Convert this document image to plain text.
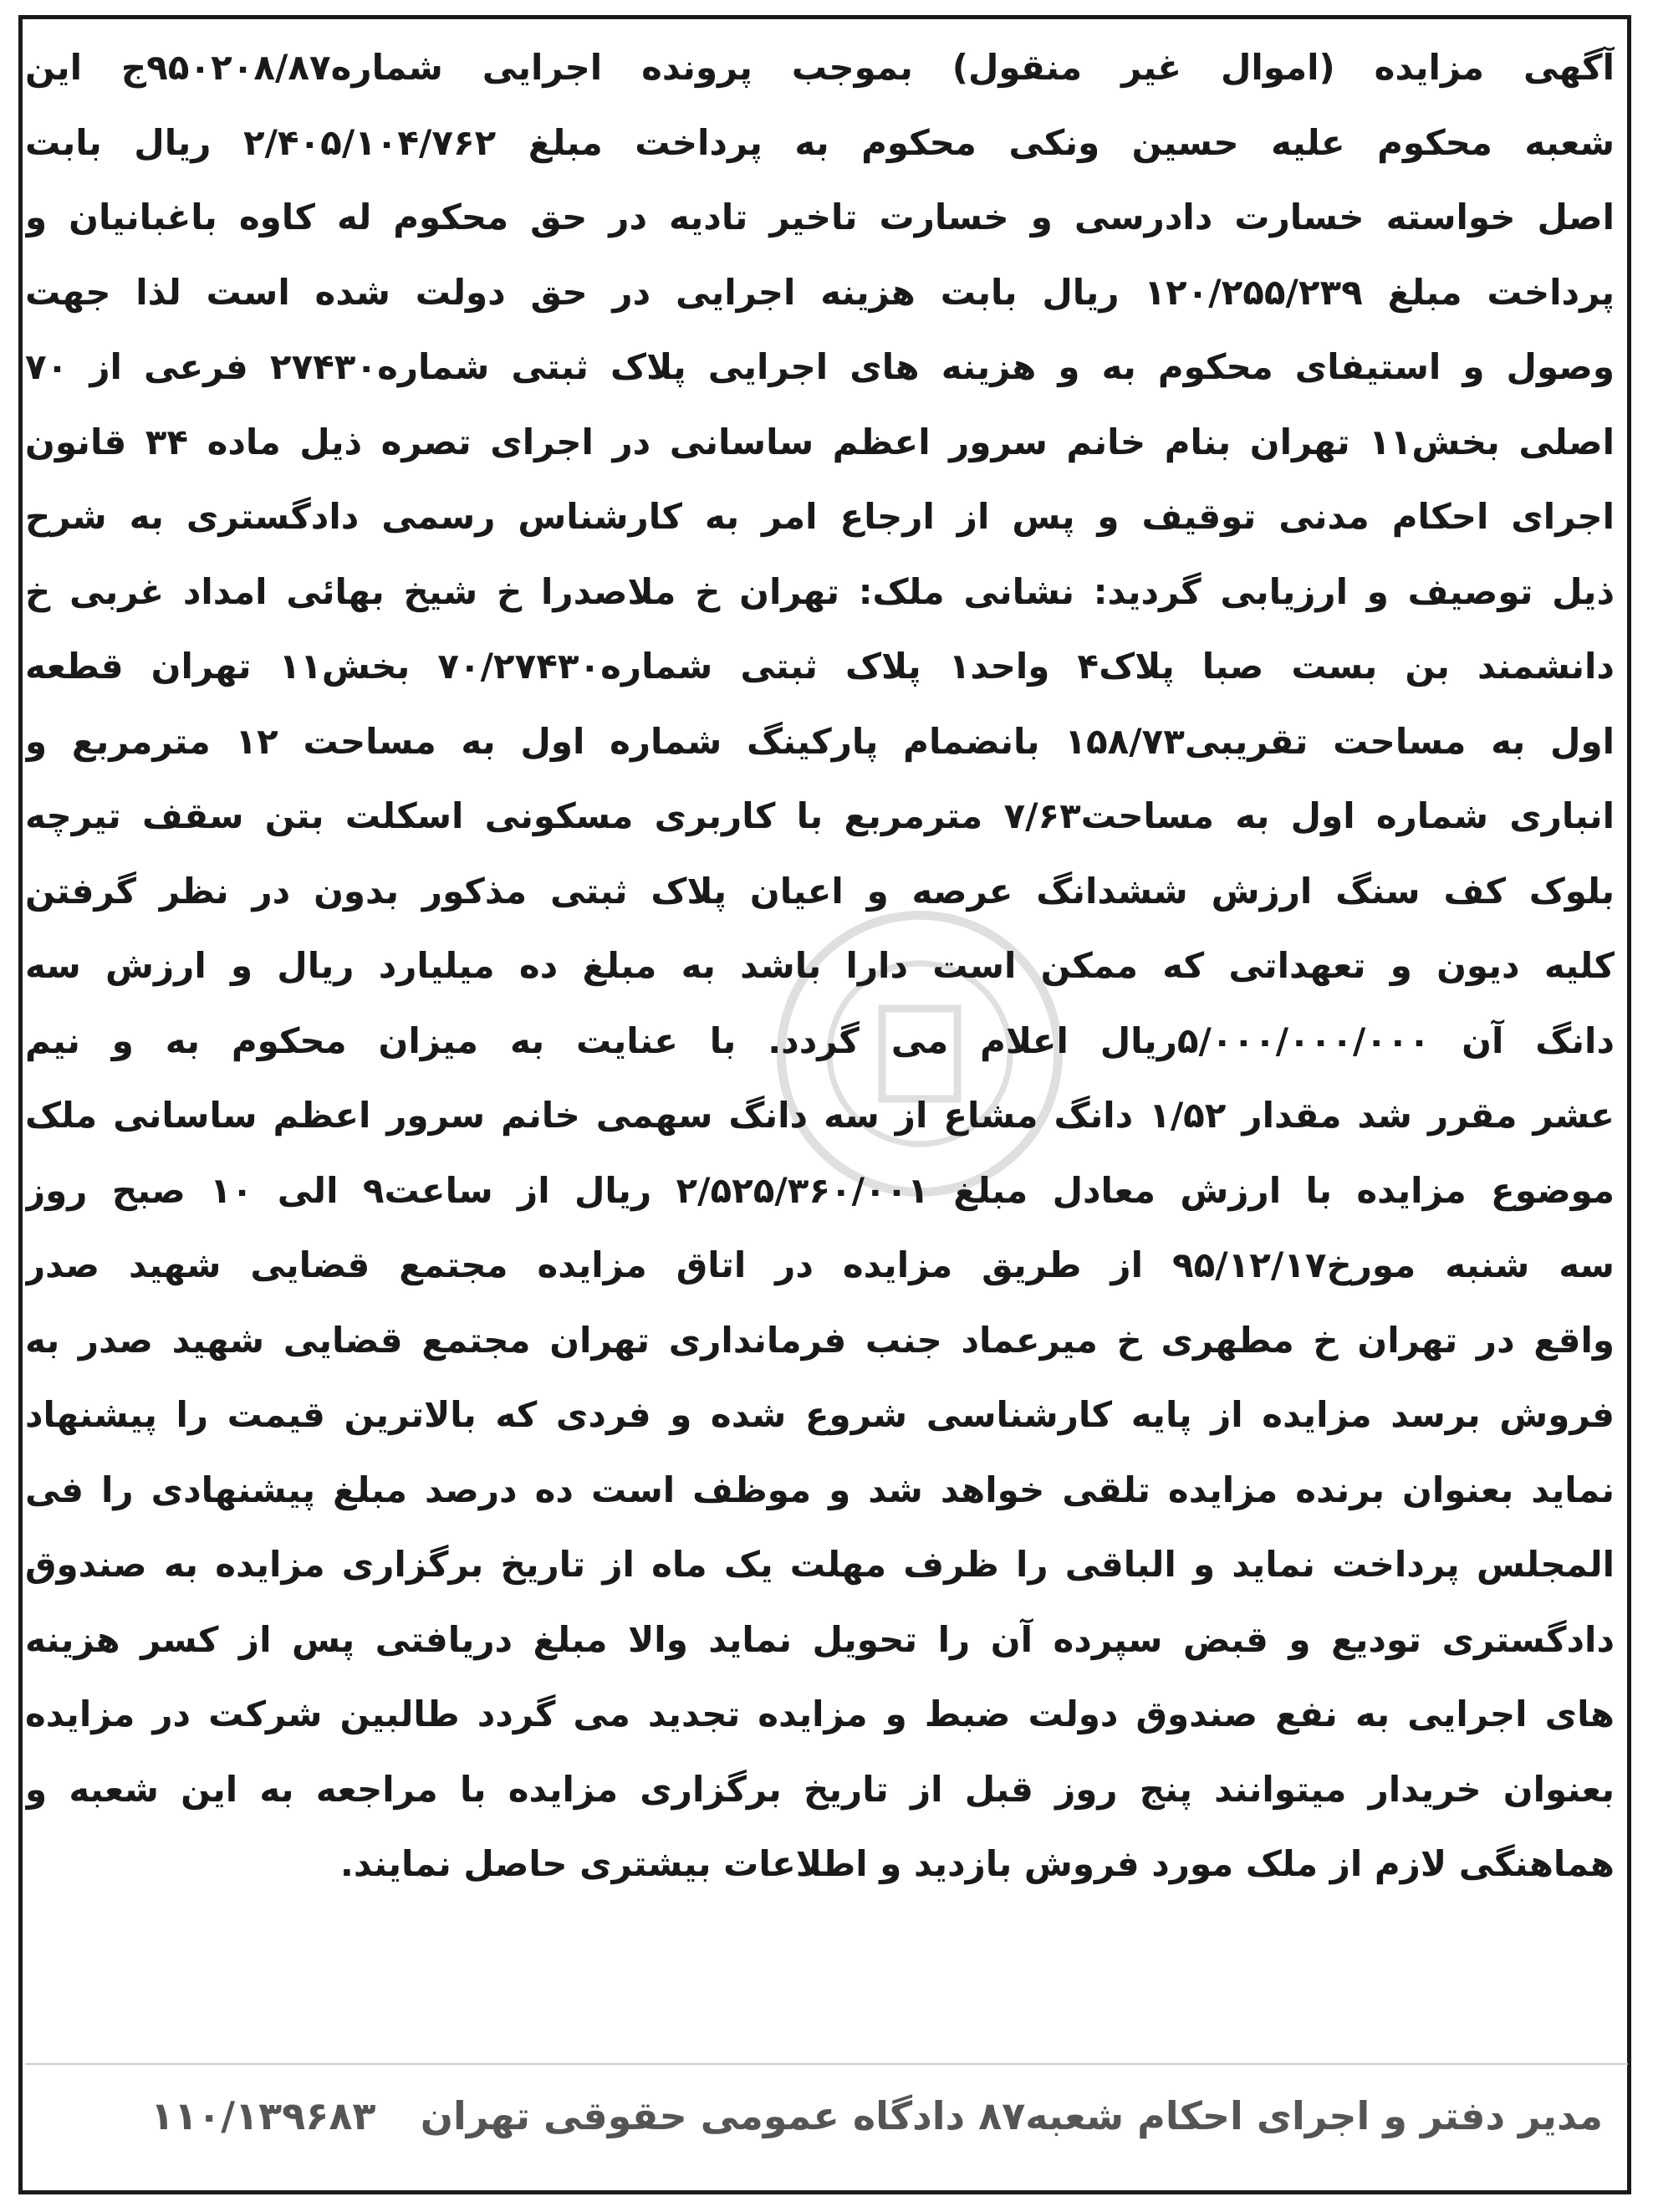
آگهی مزایده (اموال غیر منقول) بموجب پرونده اجرایی شماره۹۵۰۲۰۸/۸۷ج این
شعبه محکوم علیه حسین ونکی محکوم به پرداخت مبلغ ۲/۴۰۵/۱۰۴/۷۶۲ ریال بابت
اصل خواسته خسارت دادرسی و خسارت تاخیر تادیه در حق محکوم له کاوه باغبانیان و
پرداخت مبلغ ۱۲۰/۲۵۵/۲۳۹ ریال بابت هزینه اجرایی در حق دولت شده است لذا جهت
وصول و استیفای محکوم به و هزینه های اجرایی پلاک ثبتی شماره۲۷۴۳۰ فرعی از ۷۰
اصلی بخش۱۱ تهران بنام خانم سرور اعظم ساسانی در اجرای تصره ذیل ماده ۳۴ قانون
اجرای احکام مدنی توقیف و پس از ارجاع امر به کارشناس رسمی دادگستری به شرح
ذیل توصیف و ارزیابی گردید: نشانی ملک: تهران خ ملاصدرا خ شیخ بهائی امداد غربی خ
دانشمند بن بست صبا پلاک۴ واحد۱ پلاک ثبتی شماره۷۰/۲۷۴۳۰ بخش۱۱ تهران قطعه
اول به مساحت تقریبی۱۵۸/۷۳ بانضمام پارکینگ شماره اول به مساحت ۱۲ مترمربع و
انباری شماره اول به مساحت۷/۶۳ مترمربع با کاربری مسکونی اسکلت بتن سقف تیرچه
بلوک کف سنگ ارزش ششدانگ عرصه و اعیان پلاک ثبتی مذکور بدون در نظر گرفتن
کلیه دیون و تعهداتی که ممکن است دارا باشد به مبلغ ده میلیارد ریال و ارزش سه
دانگ آن ۵/۰۰۰/۰۰۰/۰۰۰ریال اعلام می گردد. با عنایت به میزان محکوم به و نیم
عشر مقرر شد مقدار ۱/۵۲ دانگ مشاع از سه دانگ سهمی خانم سرور اعظم ساسانی ملک
موضوع مزایده با ارزش معادل مبلغ ۲/۵۲۵/۳۶۰/۰۰۱ ریال از ساعت۹ الی ۱۰ صبح روز
سه شنبه مورخ۹۵/۱۲/۱۷ از طریق مزایده در اتاق مزایده مجتمع قضایی شهید صدر
واقع در تهران خ مطهری خ میرعماد جنب فرمانداری تهران مجتمع قضایی شهید صدر به
فروش برسد مزایده از پایه کارشناسی شروع شده و فردی که بالاترین قیمت را پیشنهاد
نماید بعنوان برنده مزایده تلقی خواهد شد و موظف است ده درصد مبلغ پیشنهادی را فی
المجلس پرداخت نماید و الباقی را ظرف مهلت یک ماه از تاریخ برگزاری مزایده به صندوق
دادگستری تودیع و قبض سپرده آن را تحویل نماید والا مبلغ دریافتی پس از کسر هزینه
های اجرایی به نفع صندوق دولت ضبط و مزایده تجدید می گردد طالبین شرکت در مزایده
بعنوان خریدار میتوانند پنج روز قبل از تاریخ برگزاری مزایده با مراجعه به این شعبه و
هماهنگی لازم از ملک مورد فروش بازدید و اطلاعات بیشتری حاصل نمایند.
مدیر دفتر و اجرای احکام شعبه۸۷ دادگاه عمومی حقوقی تهران
۱۱۰/۱۳۹۶۸۳
